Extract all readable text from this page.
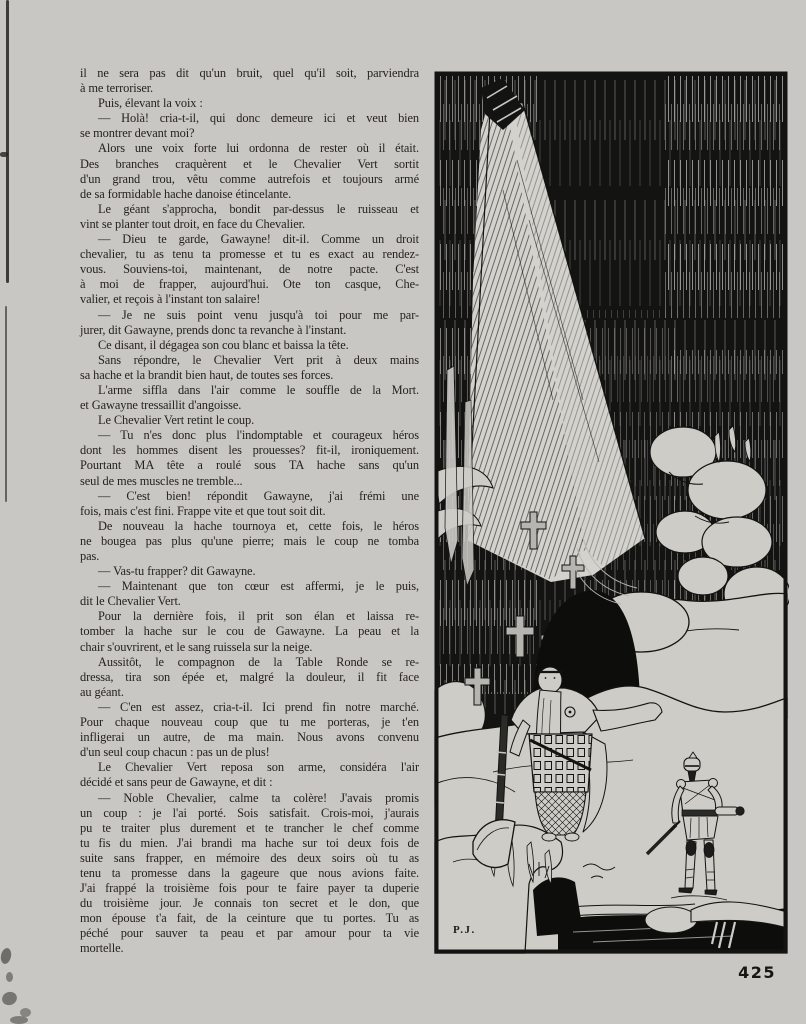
il ne sera pas dit qu'un bruit, quel qu'il soit, parviendra
à me terroriser.

Puis, élevant la voix :

— Holà! cria-t-il, qui donc demeure ici et veut bien
se montrer devant moi?

Alors une voix forte lui ordonna de rester où il était.
Des branches craquèrent et le Chevalier Vert sortit
d'un grand trou, vêtu comme autrefois et toujours armé
de sa formidable hache danoise étincelante.

Le géant s'approcha, bondit par-dessus le ruisseau et
vint se planter tout droit, en face du Chevalier.

— Dieu te garde, Gawayne! dit-il. Comme un droit
chevalier, tu as tenu ta promesse et tu es exact au rendez-
vous. Souviens-toi, maintenant, de notre pacte. C'est
à moi de frapper, aujourd'hui. Ote ton casque, Che-
valier, et reçois à l'instant ton salaire!

— Je ne suis point venu jusqu'à toi pour me par-
jurer, dit Gawayne, prends donc ta revanche à l'instant.

Ce disant, il dégagea son cou blanc et baissa la tête.

Sans répondre, le Chevalier Vert prit à deux mains
sa hache et la brandit bien haut, de toutes ses forces.

L'arme siffla dans l'air comme le souffle de la Mort.
et Gawayne tressaillit d'angoisse.

Le Chevalier Vert retint le coup.

— Tu n'es donc plus l'indomptable et courageux héros
dont les hommes disent les prouesses? fit-il, ironiquement.
Pourtant MA tête a roulé sous TA hache sans qu'un
seul de mes muscles ne tremble...

— C'est bien! répondit Gawayne, j'ai frémi une
fois, mais c'est fini. Frappe vite et que tout soit dit.

De nouveau la hache tournoya et, cette fois, le héros
ne bougea pas plus qu'une pierre; mais le coup ne tomba
pas.

— Vas-tu frapper? dit Gawayne.

— Maintenant que ton cœur est affermi, je le puis,
dit le Chevalier Vert.

Pour la dernière fois, il prit son élan et laissa re-
tomber la hache sur le cou de Gawayne. La peau et la
chair s'ouvrirent, et le sang ruissela sur la neige.

Aussitôt, le compagnon de la Table Ronde se re-
dressa, tira son épée et, malgré la douleur, il fit face
au géant.

— C'en est assez, cria-t-il. Ici prend fin notre marché.
Pour chaque nouveau coup que tu me porteras, je t'en
infligerai un autre, de ma main. Nous avons convenu
d'un seul coup chacun : pas un de plus!

Le Chevalier Vert reposa son arme, considéra l'air
décidé et sans peur de Gawayne, et dit :

— Noble Chevalier, calme ta colère! J'avais promis
un coup : je l'ai porté. Sois satisfait. Crois-moi, j'aurais
pu te traiter plus durement et te trancher le chef comme
tu fis du mien. J'ai brandi ma hache sur toi deux fois de
suite sans frapper, en mémoire des deux soirs où tu as
tenu ta promesse dans la gageure que nous avions faite.
J'ai frappé la troisième fois pour te faire payer ta duperie
du troisième jour. Je connais ton secret et le don, que
mon épouse t'a fait, de la ceinture que tu portes. Tu as
péché pour sauver ta peau et par amour pour ta vie
mortelle.

P.J.
425
